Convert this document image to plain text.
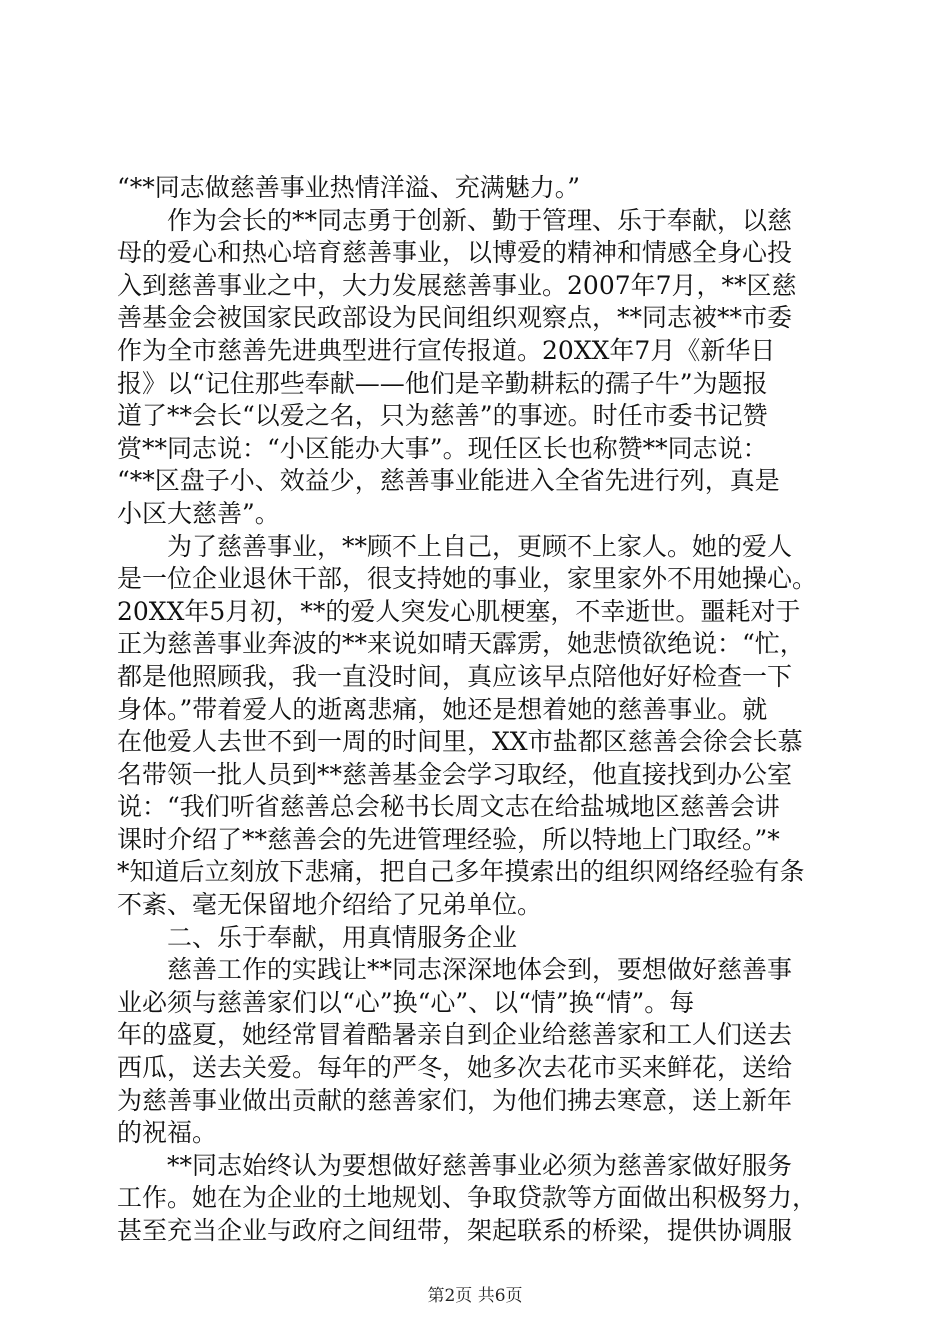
“**同志做慈善事业热情洋溢、充满魅力。”
　　作为会长的**同志勇于创新、勤于管理、乐于奉献，以慈
母的爱心和热心培育慈善事业，以博爱的精神和情感全身心投
入到慈善事业之中，大力发展慈善事业。2007年7月，**区慈
善基金会被国家民政部设为民间组织观察点，**同志被**市委
作为全市慈善先进典型进行宣传报道。20XX年7月《新华日
报》以“记住那些奉献——他们是辛勤耕耘的孺子牛”为题报
道了**会长“以爱之名，只为慈善”的事迹。时任市委书记赞
赏**同志说：“小区能办大事”。现任区长也称赞**同志说：
“**区盘子小、效益少，慈善事业能进入全省先进行列，真是
小区大慈善”。
　　为了慈善事业，**顾不上自己，更顾不上家人。她的爱人
是一位企业退休干部，很支持她的事业，家里家外不用她操心。
20XX年5月初，**的爱人突发心肌梗塞，不幸逝世。噩耗对于
正为慈善事业奔波的**来说如晴天霹雳，她悲愤欲绝说：“忙，
都是他照顾我，我一直没时间，真应该早点陪他好好检查一下
身体。”带着爱人的逝离悲痛，她还是想着她的慈善事业。就
在他爱人去世不到一周的时间里，XX市盐都区慈善会徐会长慕
名带领一批人员到**慈善基金会学习取经，他直接找到办公室
说：“我们听省慈善总会秘书长周文志在给盐城地区慈善会讲
课时介绍了**慈善会的先进管理经验，所以特地上门取经。”*
*知道后立刻放下悲痛，把自己多年摸索出的组织网络经验有条
不紊、毫无保留地介绍给了兄弟单位。
　　二、乐于奉献，用真情服务企业
　　慈善工作的实践让**同志深深地体会到，要想做好慈善事
业必须与慈善家们以“心”换“心”、以“情”换“情”。每
年的盛夏，她经常冒着酷暑亲自到企业给慈善家和工人们送去
西瓜，送去关爱。每年的严冬，她多次去花市买来鲜花，送给
为慈善事业做出贡献的慈善家们，为他们拂去寒意，送上新年
的祝福。
　　**同志始终认为要想做好慈善事业必须为慈善家做好服务
工作。她在为企业的土地规划、争取贷款等方面做出积极努力，
甚至充当企业与政府之间纽带，架起联系的桥梁，提供协调服
第2页 共6页
